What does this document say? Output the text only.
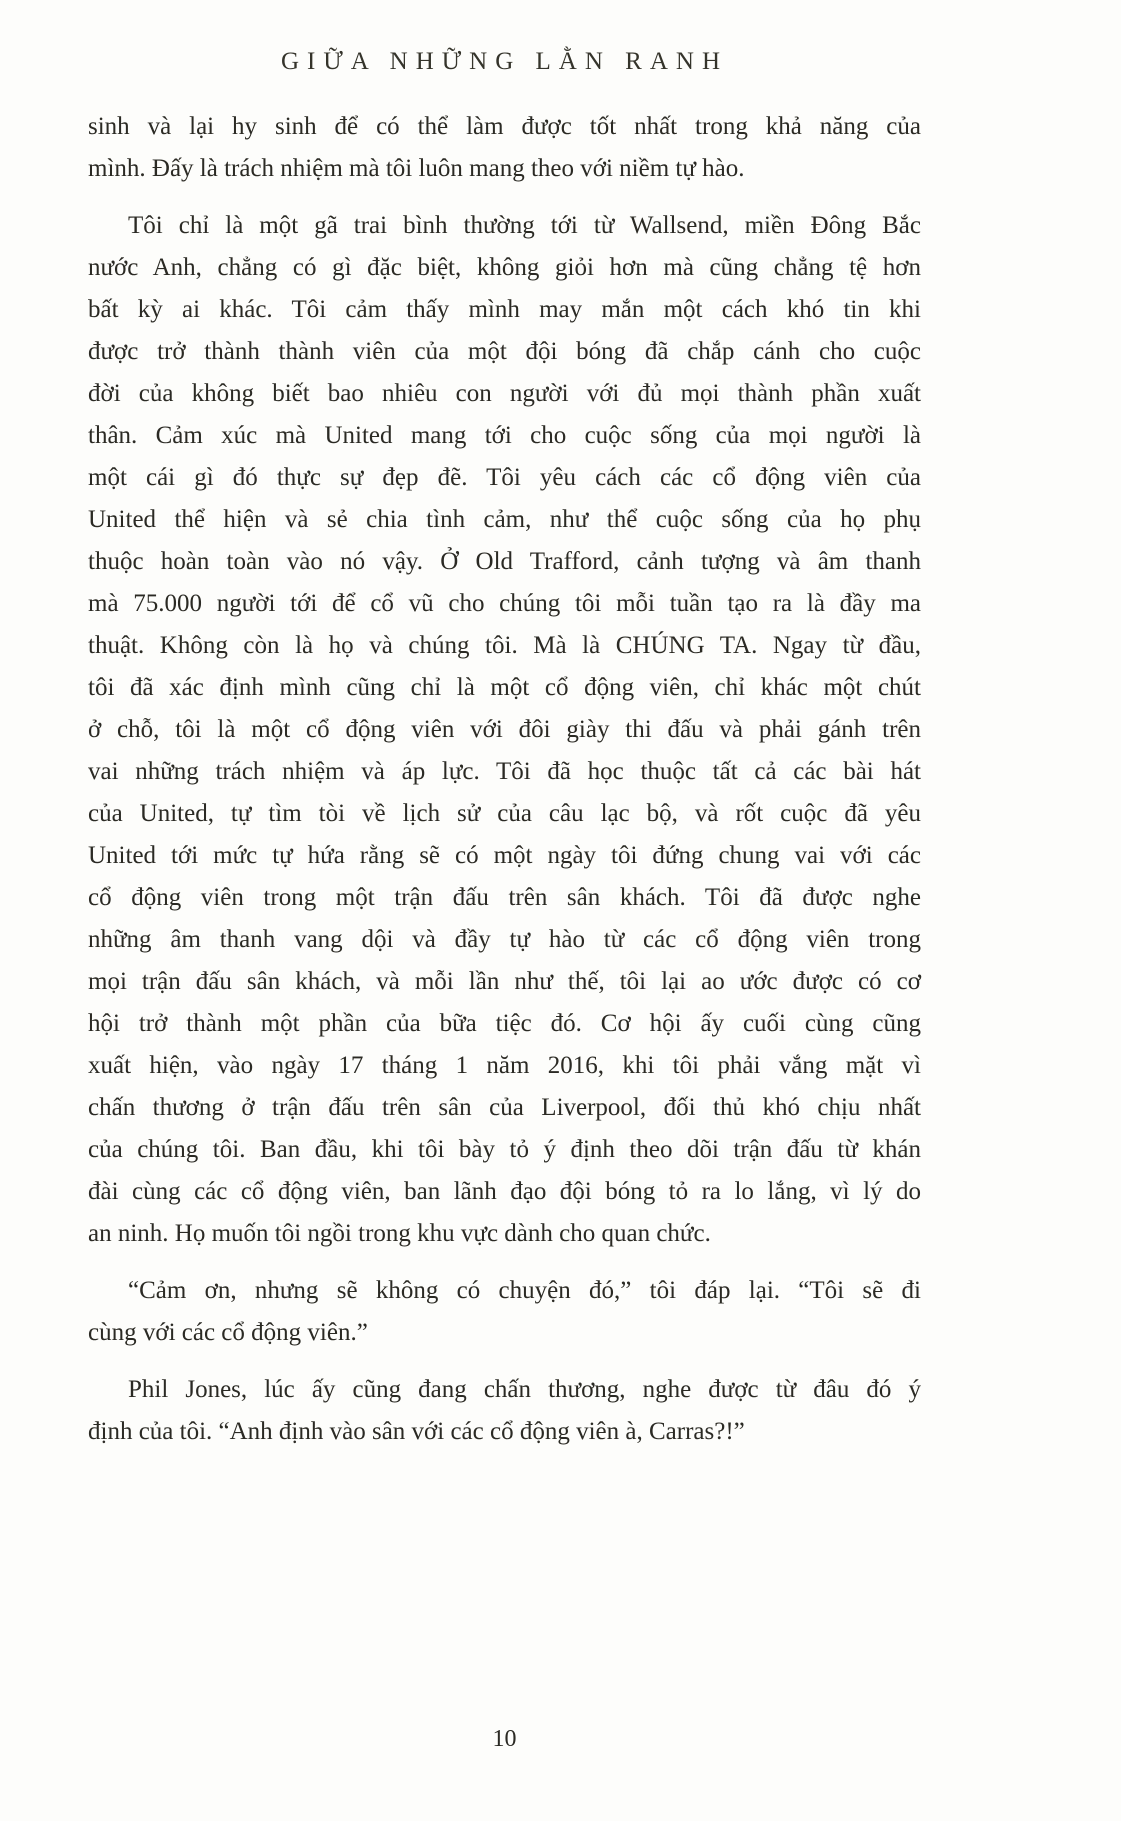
GIỮA NHỮNG LẰN RANH
sinh và lại hy sinh để có thể làm được tốt nhất trong khả năng của
mình. Đấy là trách nhiệm mà tôi luôn mang theo với niềm tự hào.
Tôi chỉ là một gã trai bình thường tới từ Wallsend, miền Đông Bắc
nước Anh, chẳng có gì đặc biệt, không giỏi hơn mà cũng chẳng tệ hơn
bất kỳ ai khác. Tôi cảm thấy mình may mắn một cách khó tin khi
được trở thành thành viên của một đội bóng đã chắp cánh cho cuộc
đời của không biết bao nhiêu con người với đủ mọi thành phần xuất
thân. Cảm xúc mà United mang tới cho cuộc sống của mọi người là
một cái gì đó thực sự đẹp đẽ. Tôi yêu cách các cổ động viên của
United thể hiện và sẻ chia tình cảm, như thể cuộc sống của họ phụ
thuộc hoàn toàn vào nó vậy. Ở Old Trafford, cảnh tượng và âm thanh
mà 75.000 người tới để cổ vũ cho chúng tôi mỗi tuần tạo ra là đầy ma
thuật. Không còn là họ và chúng tôi. Mà là CHÚNG TA. Ngay từ đầu,
tôi đã xác định mình cũng chỉ là một cổ động viên, chỉ khác một chút
ở chỗ, tôi là một cổ động viên với đôi giày thi đấu và phải gánh trên
vai những trách nhiệm và áp lực. Tôi đã học thuộc tất cả các bài hát
của United, tự tìm tòi về lịch sử của câu lạc bộ, và rốt cuộc đã yêu
United tới mức tự hứa rằng sẽ có một ngày tôi đứng chung vai với các
cổ động viên trong một trận đấu trên sân khách. Tôi đã được nghe
những âm thanh vang dội và đầy tự hào từ các cổ động viên trong
mọi trận đấu sân khách, và mỗi lần như thế, tôi lại ao ước được có cơ
hội trở thành một phần của bữa tiệc đó. Cơ hội ấy cuối cùng cũng
xuất hiện, vào ngày 17 tháng 1 năm 2016, khi tôi phải vắng mặt vì
chấn thương ở trận đấu trên sân của Liverpool, đối thủ khó chịu nhất
của chúng tôi. Ban đầu, khi tôi bày tỏ ý định theo dõi trận đấu từ khán
đài cùng các cổ động viên, ban lãnh đạo đội bóng tỏ ra lo lắng, vì lý do
an ninh. Họ muốn tôi ngồi trong khu vực dành cho quan chức.
“Cảm ơn, nhưng sẽ không có chuyện đó,” tôi đáp lại. “Tôi sẽ đi
cùng với các cổ động viên.”
Phil Jones, lúc ấy cũng đang chấn thương, nghe được từ đâu đó ý
định của tôi. “Anh định vào sân với các cổ động viên à, Carras?!”
10
